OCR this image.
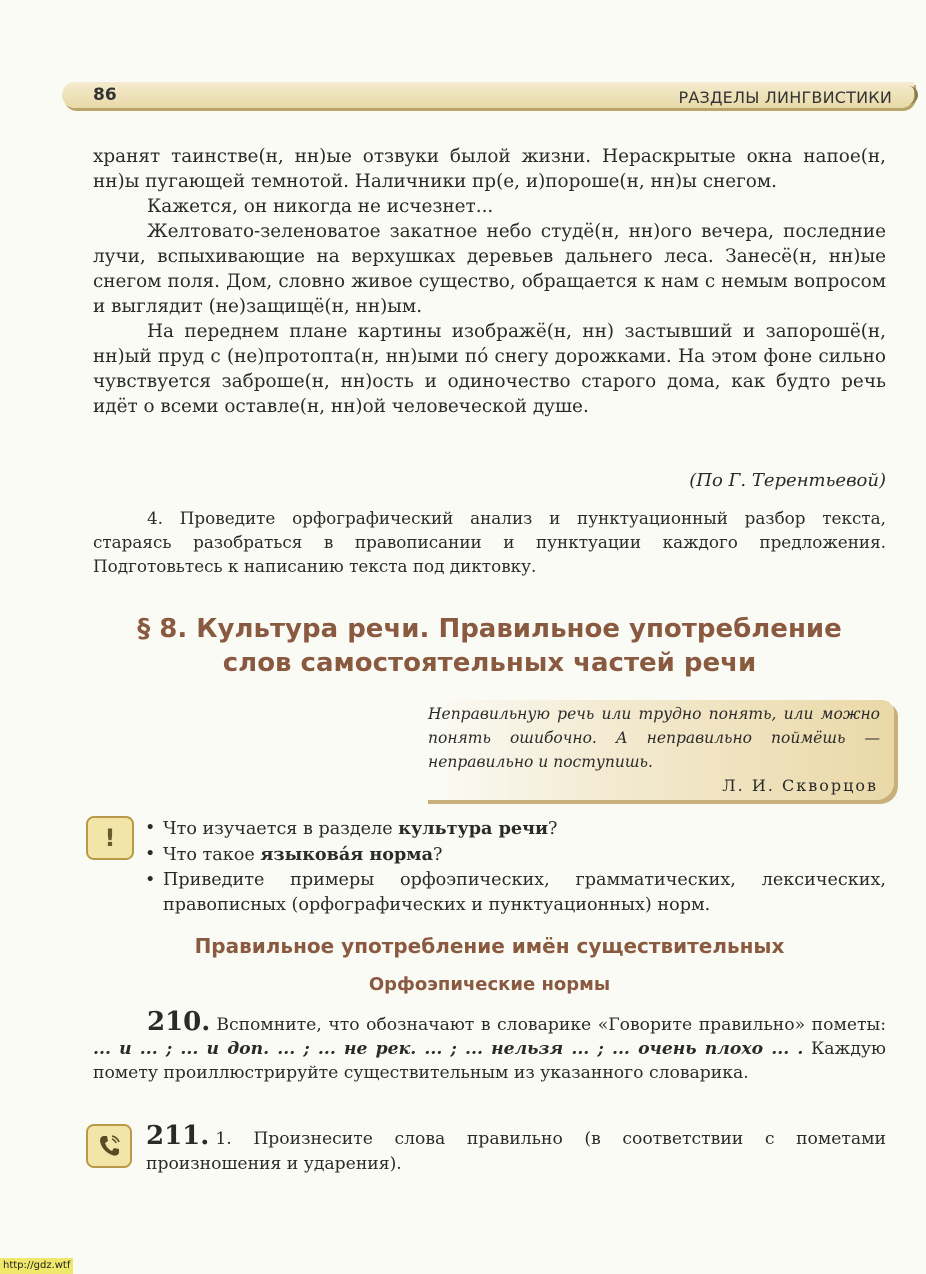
86	РАЗДЕЛЫ ЛИНГВИСТИКИ

хранят таинстве(н, нн)ые отзвуки былой жизни. Нераскрытые окна напое(н, нн)ы пугающей темнотой. Наличники пр(е, и)пороше(н, нн)ы снегом.

Кажется, он никогда не исчезнет...

Желтовато-зеленоватое закатное небо студё(н, нн)ого вечера, последние лучи, вспыхивающие на верхушках деревьев дальнего леса. Занесё(н, нн)ые снегом поля. Дом, словно живое существо, обращается к нам с немым вопросом и выглядит (не)защищё(н, нн)ым.

На переднем плане картины изображё(н, нн) застывший и запорошё(н, нн)ый пруд с (не)протопта(н, нн)ыми пó снегу дорожками. На этом фоне сильно чувствуется заброше(н, нн)ость и одиночество старого дома, как будто речь идёт о всеми оставле(н, нн)ой человеческой душе.

(По Г. Терентьевой)
4. Проведите орфографический анализ и пунктуационный разбор текста, стараясь разобраться в правописании и пунктуации каждого предложения. Подготовьтесь к написанию текста под диктовку.
§ 8. Культура речи. Правильное употребление
слов самостоятельных частей речи
Неправильную речь или трудно понять, или можно понять ошибочно. А неправильно поймёшь — неправильно и поступишь.
Л. И. Скворцов
!
•	Что изучается в разделе культура речи?
• Что такое языковáя норма?
• Приведите примеры орфоэпических, грамматических, лексических, правописных (орфографических и пунктуационных) норм.
Правильное употребление имён существительных
Орфоэпические нормы
210. Вспомните, что обозначают в словарике «Говорите правильно» пометы: ... и ... ; ... и доп. ... ; ... не рек. ... ; ... нельзя ... ; ... очень плохо ... . Каждую помету проиллюстрируйте существительным из указанного словарика.
211. 1. Произнесите слова правильно (в соответствии с пометами произношения и ударения).
http://gdz.wtf
